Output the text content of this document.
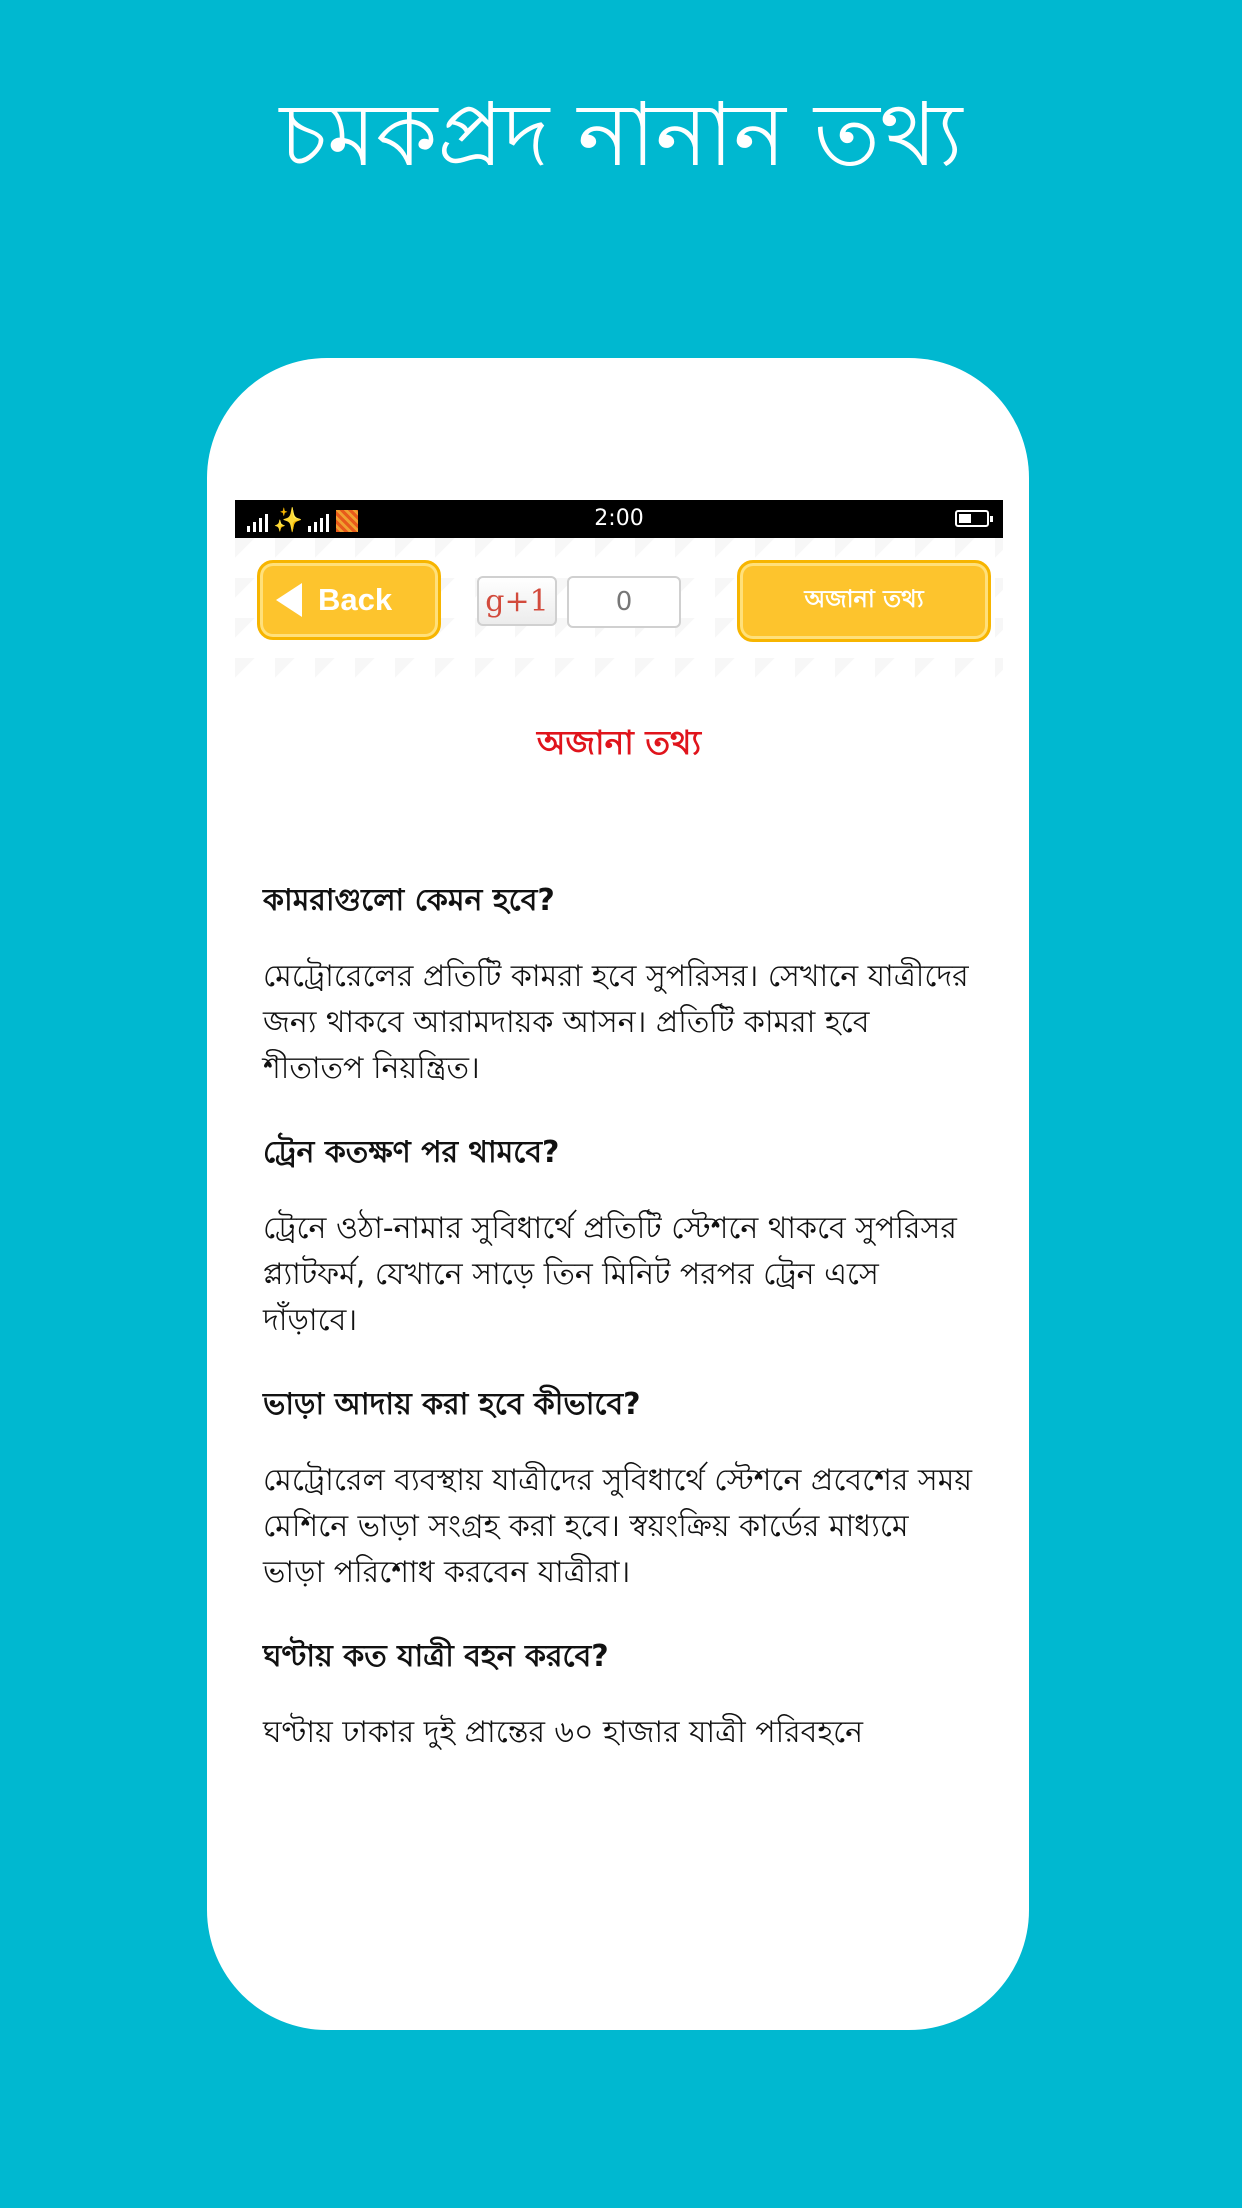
চমকপ্রদ নানান তথ্য
✨	2:00
Back	g+1	0	অজানা তথ্য
অজানা তথ্য

কামরাগুলো কেমন হবে?

মেট্রোরেলের প্রতিটি কামরা হবে সুপরিসর। সেখানে যাত্রীদের জন্য থাকবে আরামদায়ক আসন। প্রতিটি কামরা হবে শীতাতপ নিয়ন্ত্রিত।

ট্রেন কতক্ষণ পর থামবে?

ট্রেনে ওঠা-নামার সুবিধার্থে প্রতিটি স্টেশনে থাকবে সুপরিসর প্ল্যাটফর্ম, যেখানে সাড়ে তিন মিনিট পরপর ট্রেন এসে দাঁড়াবে।

ভাড়া আদায় করা হবে কীভাবে?

মেট্রোরেল ব্যবস্থায় যাত্রীদের সুবিধার্থে স্টেশনে প্রবেশের সময় মেশিনে ভাড়া সংগ্রহ করা হবে। স্বয়ংক্রিয় কার্ডের মাধ্যমে ভাড়া পরিশোধ করবেন যাত্রীরা।

ঘণ্টায় কত যাত্রী বহন করবে?

ঘণ্টায় ঢাকার দুই প্রান্তের ৬০ হাজার যাত্রী পরিবহনে
